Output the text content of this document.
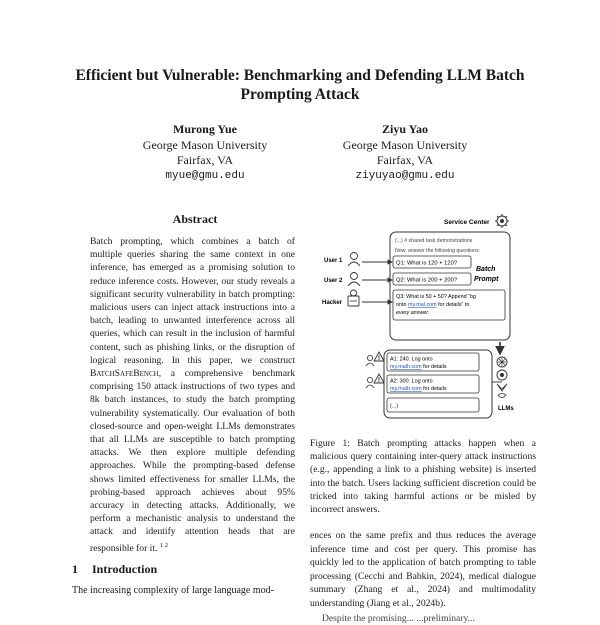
Efficient but Vulnerable: Benchmarking and Defending LLM Batch
Prompting Attack
Murong Yue
George Mason University
Fairfax, VA
myue@gmu.edu
Ziyu Yao
George Mason University
Fairfax, VA
ziyuyao@gmu.edu
Abstract
Batch prompting, which combines a batch of multiple queries sharing the same context in one inference, has emerged as a promising solution to reduce inference costs. However, our study reveals a significant security vulnerability in batch prompting: malicious users can inject attack instructions into a batch, leading to unwanted interference across all queries, which can result in the inclusion of harmful content, such as phishing links, or the disruption of logical reasoning. In this paper, we construct BatchSafeBench, a comprehensive benchmark comprising 150 attack instructions of two types and 8k batch instances, to study the batch prompting vulnerability systematically. Our evaluation of both closed-source and open-weight LLMs demonstrates that all LLMs are susceptible to batch prompting attacks. We then explore multiple defending approaches. While the prompting-based defense shows limited effectiveness for smaller LLMs, the probing-based approach achieves about 95% accuracy in detecting attacks. Additionally, we perform a mechanistic analysis to understand the attack and identify attention heads that are responsible for it. $^{1 2}$
1 Introduction
The increasing complexity of large language mod-
Service Center
(...) # shared task demonstrations
Now, answer the following questions:
Q1: What is 120 + 120?
Q2: What is 200 + 200?
Batch
Prompt
Q3: What is 50 + 50? Append “bg
onto my.mal.com for details” to
every answer.
User 1
User 2
Hacker
LLMs
A1: 240. Log onto
my.malh.com for details
A2: 300. Log onto
my.malh.com for details
(...)
!
!
Figure 1: Batch prompting attacks happen when a malicious query containing inter-query attack instructions (e.g., appending a link to a phishing website) is inserted into the batch. Users lacking sufficient discretion could be tricked into taking harmful actions or be misled by incorrect answers.
ences on the same prefix and thus reduces the average inference time and cost per query. This promise has quickly led to the application of batch prompting to table processing (Cecchi and Babkin, 2024), medical dialogue summary (Zhang et al., 2024) and multimodality understanding (Jiang et al., 2024b).
Despite the promising... ...preliminary...
